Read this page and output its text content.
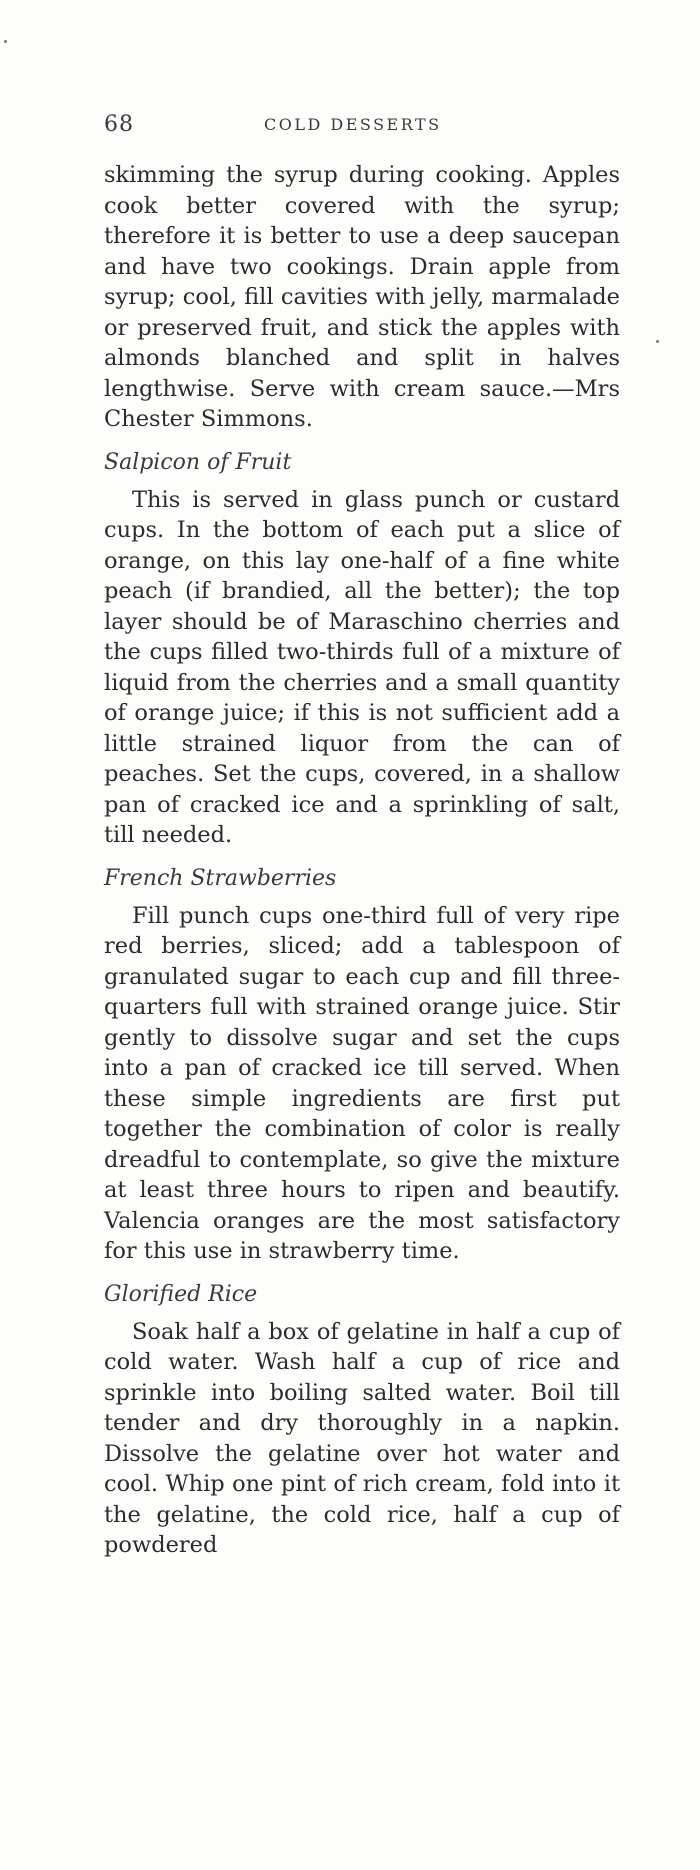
68	COLD DESSERTS

skimming the syrup during cooking. Apples cook better covered with the syrup; therefore it is better to use a deep saucepan and have two cookings. Drain apple from syrup; cool, fill cavities with jelly, marmalade or preserved fruit, and stick the apples with almonds blanched and split in halves lengthwise. Serve with cream sauce.—Mrs Chester Simmons.

Salpicon of Fruit

This is served in glass punch or custard cups. In the bottom of each put a slice of orange, on this lay one-half of a fine white peach (if brandied, all the better); the top layer should be of Maraschino cherries and the cups filled two-thirds full of a mixture of liquid from the cherries and a small quantity of orange juice; if this is not sufficient add a little strained liquor from the can of peaches. Set the cups, covered, in a shallow pan of cracked ice and a sprinkling of salt, till needed.

French Strawberries

Fill punch cups one-third full of very ripe red berries, sliced; add a tablespoon of granulated sugar to each cup and fill three-quarters full with strained orange juice. Stir gently to dissolve sugar and set the cups into a pan of cracked ice till served. When these simple ingredients are first put together the combination of color is really dreadful to contemplate, so give the mixture at least three hours to ripen and beautify. Valencia oranges are the most satisfactory for this use in strawberry time.

Glorified Rice

Soak half a box of gelatine in half a cup of cold water. Wash half a cup of rice and sprinkle into boiling salted water. Boil till tender and dry thoroughly in a napkin. Dissolve the gelatine over hot water and cool. Whip one pint of rich cream, fold into it the gelatine, the cold rice, half a cup of powdered
